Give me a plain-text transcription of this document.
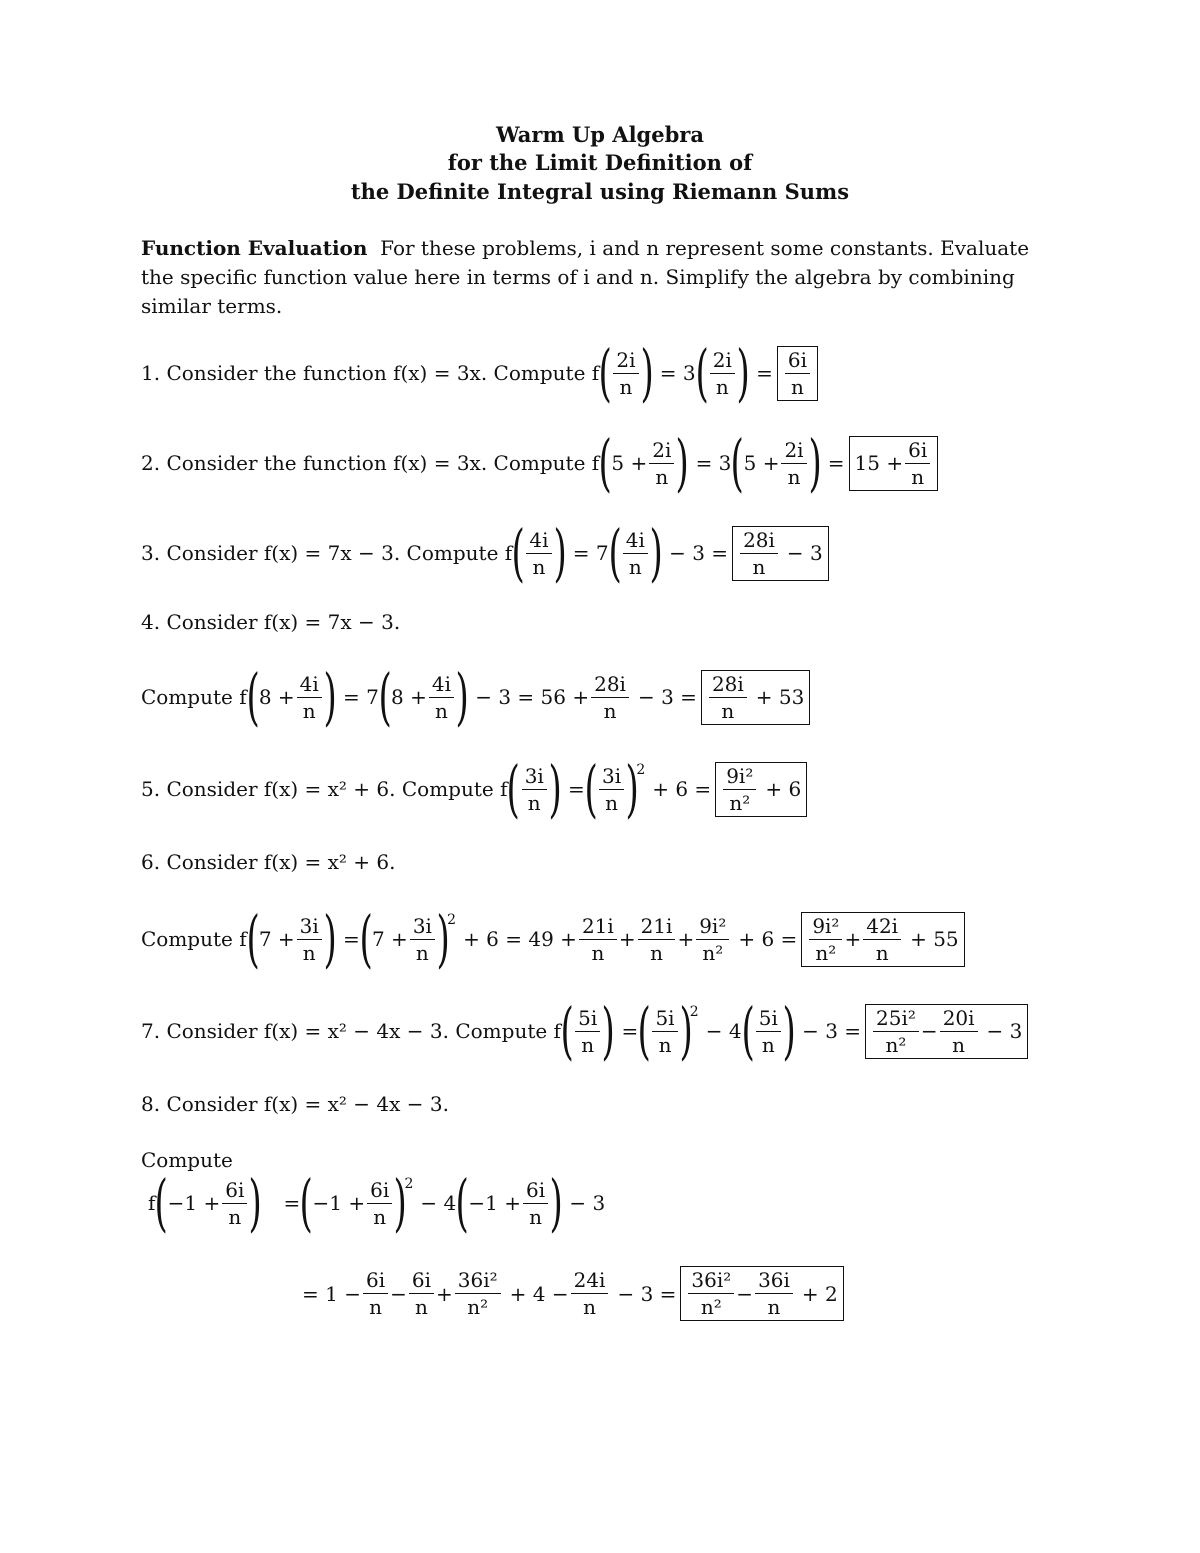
Warm Up Algebra
for the Limit Definition of
the Definite Integral using Riemann Sums
Function Evaluation For these problems, i and n represent some constants. Evaluate the specific function value here in terms of i and n. Simplify the algebra by combining similar terms.
1. Consider the function f(x) = 3x. Compute f ( $\frac{2i}{n}$ ) = 3 ( $\frac{2i}{n}$ ) = $\frac{6i}{n}$
2. Consider the function f(x) = 3x. Compute f ( $5 + \frac{2i}{n}$ ) = 3 ( $5 + \frac{2i}{n}$ ) = $15 + \frac{6i}{n}$
3. Consider f(x) = 7x − 3. Compute f ( $\frac{4i}{n}$ ) = 7 ( $\frac{4i}{n}$ ) − $3 = \frac{28i}{n} - 3$
4. Consider f(x) = 7x − 3.
Compute f ( $8 + \frac{4i}{n}$ ) = 7 ( $8 + \frac{4i}{n}$ ) − $3 = 56 + \frac{28i}{n} - 3 = \frac{28i}{n} + 53$
5. Consider f(x) = x² + 6. Compute f ( $\frac{3i}{n}$ ) = ( $\frac{3i}{n}$ )
2
+ $6 = \frac{\text{9i²}}{\text{n²}} + 6$
6. Consider f(x) = x² + 6.
Compute f ( $7 + \frac{3i}{n}$ ) = ( $7 + \frac{3i}{n}$ )
2
+ $6 = 49 + \frac{21i}{n} + \frac{21i}{n} + \frac{\text{9i²}}{\text{n²}} + 6 = \frac{\text{9i²}}{\text{n²}} + \frac{42i}{n} + 55$
7. Consider f(x) = x² − 4x − 3. Compute f ( $\frac{5i}{n}$ ) = ( $\frac{5i}{n}$ )
2
− 4 ( $\frac{5i}{n}$ ) − $3 = \frac{\text{25i²}}{\text{n²}} - \frac{20i}{n} - 3$
8. Consider f(x) = x² − 4x − 3.
Compute
f ( $-1 + \frac{6i}{n}$ ) = ( $-1 + \frac{6i}{n}$ )
2
− 4 ( $-1 + \frac{6i}{n}$ ) − 3
= $1 - \frac{6i}{n} - \frac{6i}{n} + \frac{\text{36i²}}{\text{n²}} + 4 - \frac{24i}{n} - 3 = \frac{\text{36i²}}{\text{n²}} - \frac{36i}{n} + 2$
